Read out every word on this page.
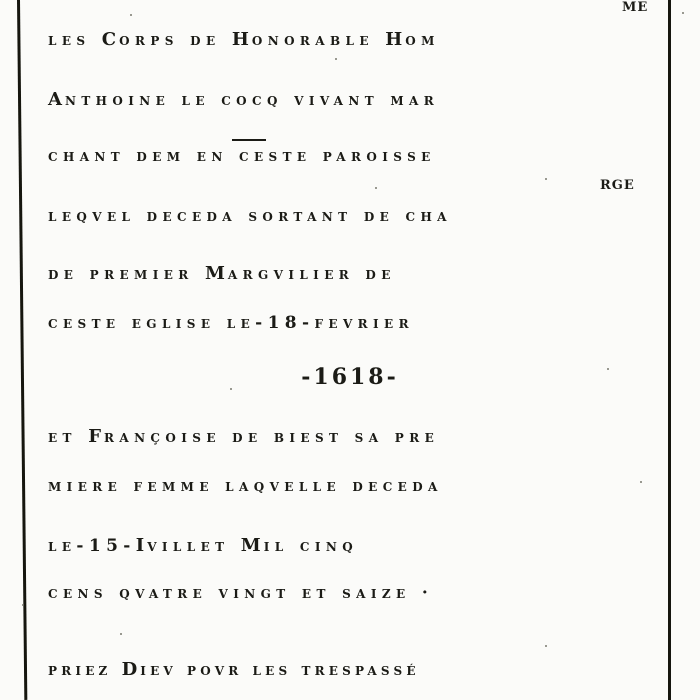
ME
les corps de honorable hom
anthoine le cocq vivant mar
chant dem en ceste paroisse
RGE
leqvel deceda sortant de cha
de premier margvilier de
ceste eglise le-18-fevrier
-1618-
et françoise de biest sa pre
miere femme laqvelle deceda
le-15-ivillet mil cinq
cens qvatre vingt et saize ·
priez diev povr les trespassé
